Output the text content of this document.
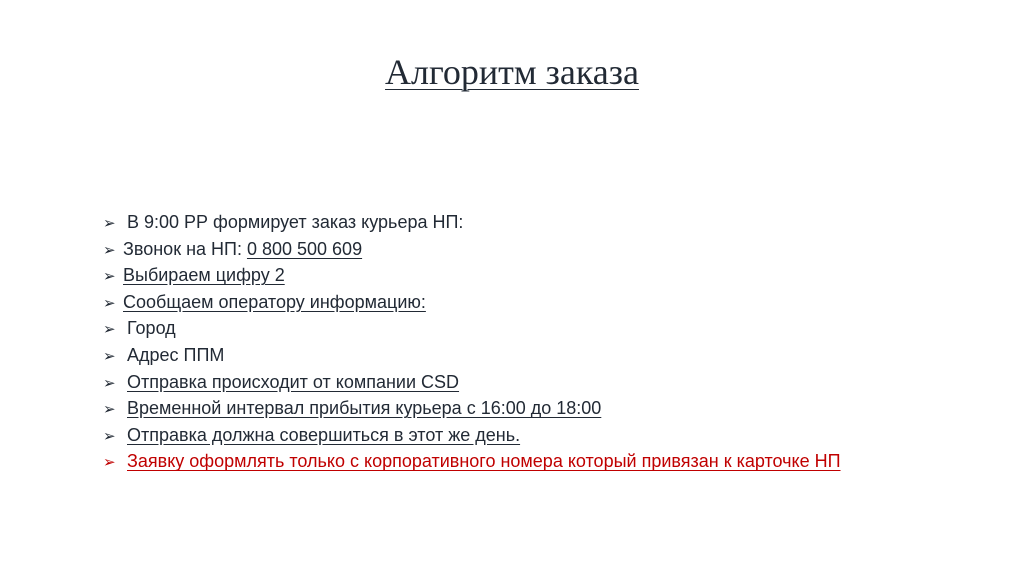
Алгоритм заказа
➢ В 9:00 РР формирует заказ курьера НП:
➢ Звонок на НП: 0 800 500 609
➢ Выбираем цифру 2
➢ Сообщаем оператору информацию:
➢ Город
➢ Адрес ППМ
➢ Отправка происходит от компании CSD
➢ Временной интервал прибытия курьера с 16:00 до 18:00
➢ Отправка должна совершиться в этот же день.
➢ Заявку оформлять только с корпоративного номера который привязан к карточке НП
